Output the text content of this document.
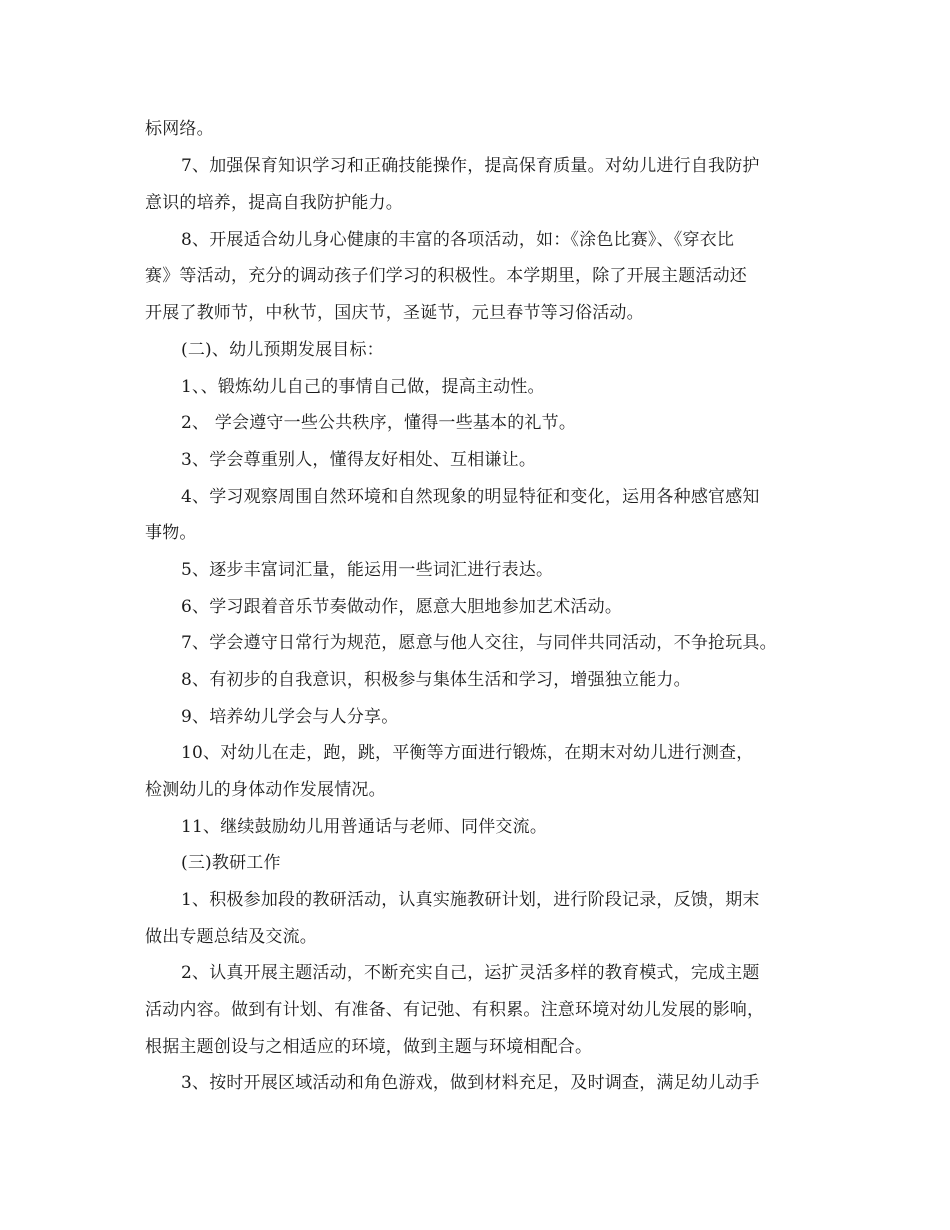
标网络。
7、加强保育知识学习和正确技能操作，提高保育质量。对幼儿进行自我防护
意识的培养，提高自我防护能力。
8、开展适合幼儿身心健康的丰富的各项活动，如：《涂色比赛》、《穿衣比
赛》等活动，充分的调动孩子们学习的积极性。本学期里，除了开展主题活动还
开展了教师节，中秋节，国庆节，圣诞节，元旦春节等习俗活动。
(二)、幼儿预期发展目标：
1、、锻炼幼儿自己的事情自己做，提高主动性。
2、 学会遵守一些公共秩序，懂得一些基本的礼节。
3、学会尊重别人，懂得友好相处、互相谦让。
4、学习观察周围自然环境和自然现象的明显特征和变化，运用各种感官感知
事物。
5、逐步丰富词汇量，能运用一些词汇进行表达。
6、学习跟着音乐节奏做动作，愿意大胆地参加艺术活动。
7、学会遵守日常行为规范，愿意与他人交往，与同伴共同活动，不争抢玩具。
8、有初步的自我意识，积极参与集体生活和学习，增强独立能力。
9、培养幼儿学会与人分享。
10、对幼儿在走，跑，跳，平衡等方面进行锻炼，在期末对幼儿进行测查，
检测幼儿的身体动作发展情况。
11、继续鼓励幼儿用普通话与老师、同伴交流。
(三)教研工作
1、积极参加段的教研活动，认真实施教研计划，进行阶段记录，反馈，期末
做出专题总结及交流。
2、认真开展主题活动，不断充实自己，运扩灵活多样的教育模式，完成主题
活动内容。做到有计划、有准备、有记弛、有积累。注意环境对幼儿发展的影响，
根据主题创设与之相适应的环境，做到主题与环境相配合。
3、按时开展区域活动和角色游戏，做到材料充足，及时调查，满足幼儿动手
